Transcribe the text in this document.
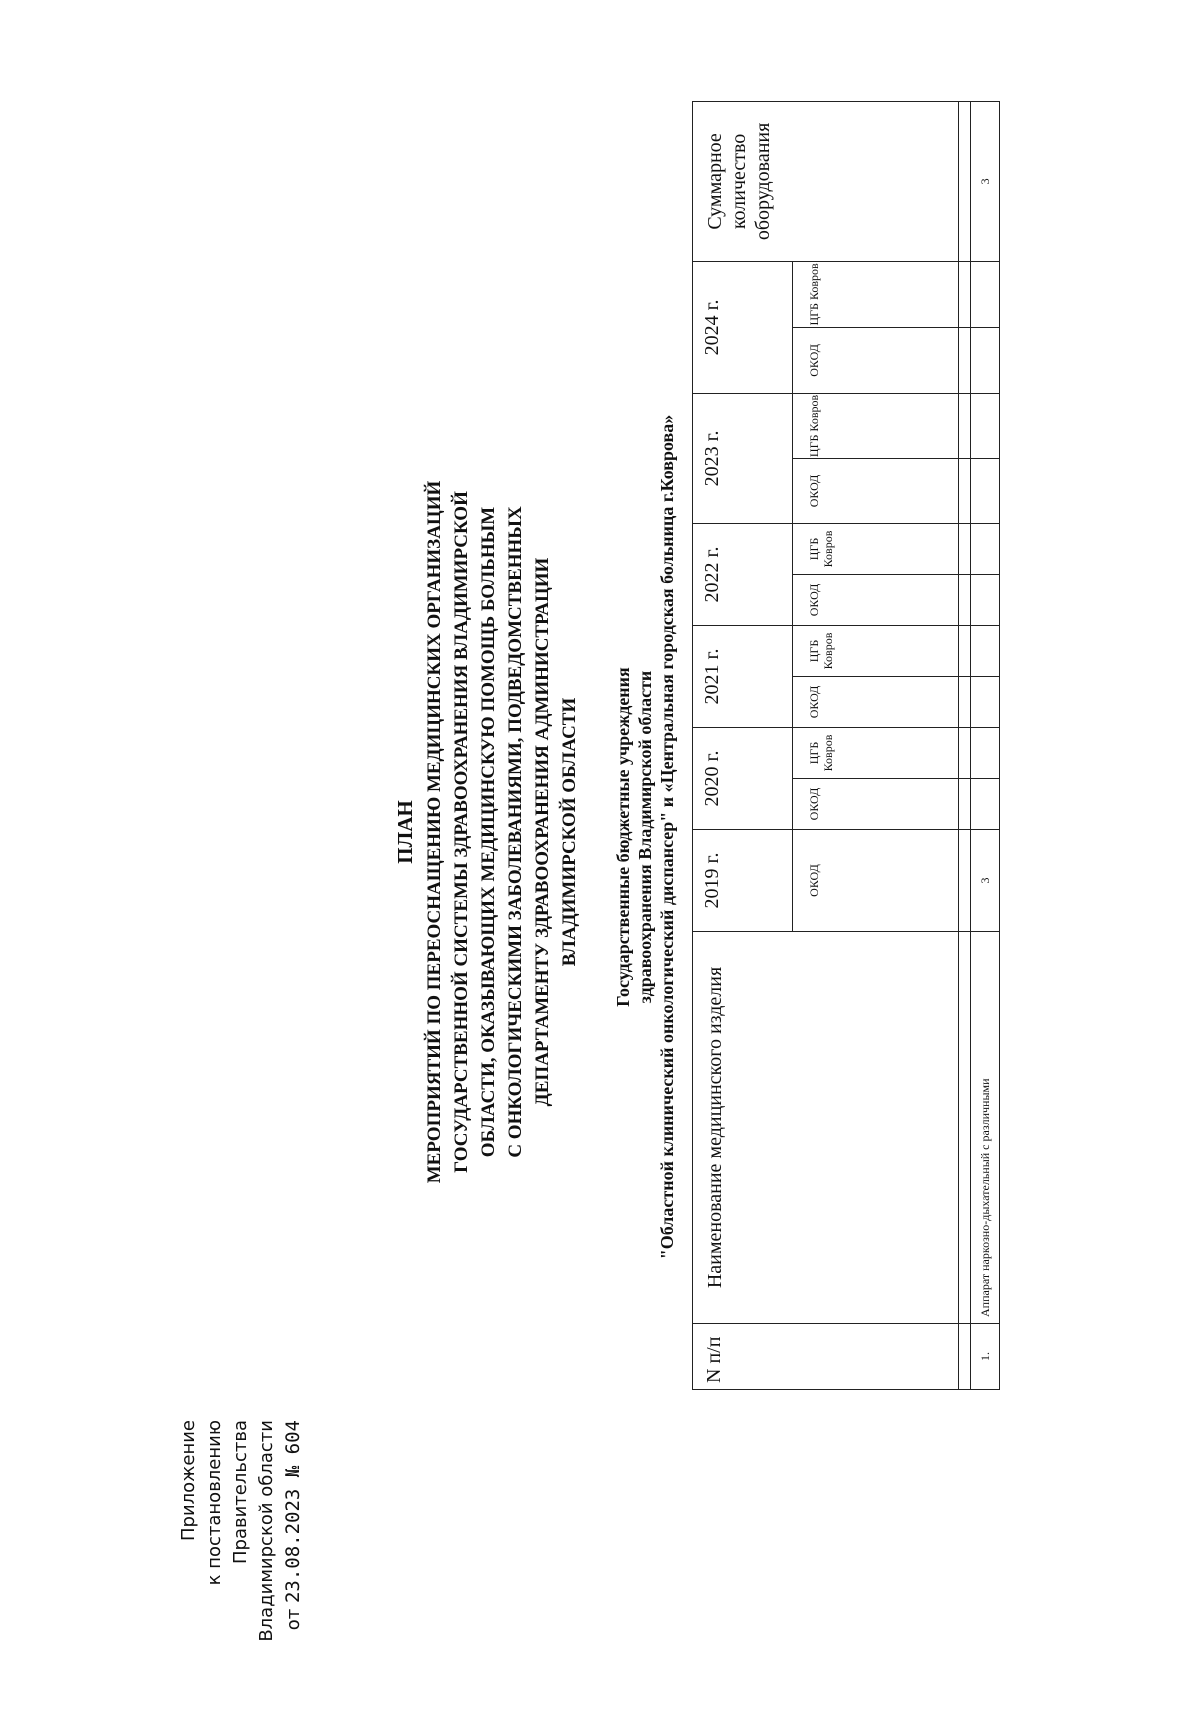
Приложение к постановлению Правительства Владимирской области от 23.08.2023 № 604
ПЛАН МЕРОПРИЯТИЙ ПО ПЕРЕОСНАЩЕНИЮ МЕДИЦИНСКИХ ОРГАНИЗАЦИЙ ГОСУДАРСТВЕННОЙ СИСТЕМЫ ЗДРАВООХРАНЕНИЯ ВЛАДИМИРСКОЙ ОБЛАСТИ, ОКАЗЫВАЮЩИХ МЕДИЦИНСКУЮ ПОМОЩЬ БОЛЬНЫМ С ОНКОЛОГИЧЕСКИМИ ЗАБОЛЕВАНИЯМИ, ПОДВЕДОМСТВЕННЫХ ДЕПАРТАМЕНТУ ЗДРАВООХРАНЕНИЯ АДМИНИСТРАЦИИ ВЛАДИМИРСКОЙ ОБЛАСТИ Государственные бюджетные учреждения здравоохранения Владимирской области "Областной клинический онкологический диспансер" и «Центральная городская больница г.Коврова»
N п/п	Наименование медицинского изделия	2019 г.	2020 г.		2021 г.		2022 г.		2023 г.		2024 г.		Суммарное количество оборудования
		ОКОД	ОКОД	ЦГБ Ковров	ОКОД	ЦГБ Ковров	ОКОД	ЦГБ Ковров	ОКОД	ЦГБ Ковров	ОКОД	ЦГБ Ковров	

1.	Аппарат наркозно-дыхательный с различными	3											3
